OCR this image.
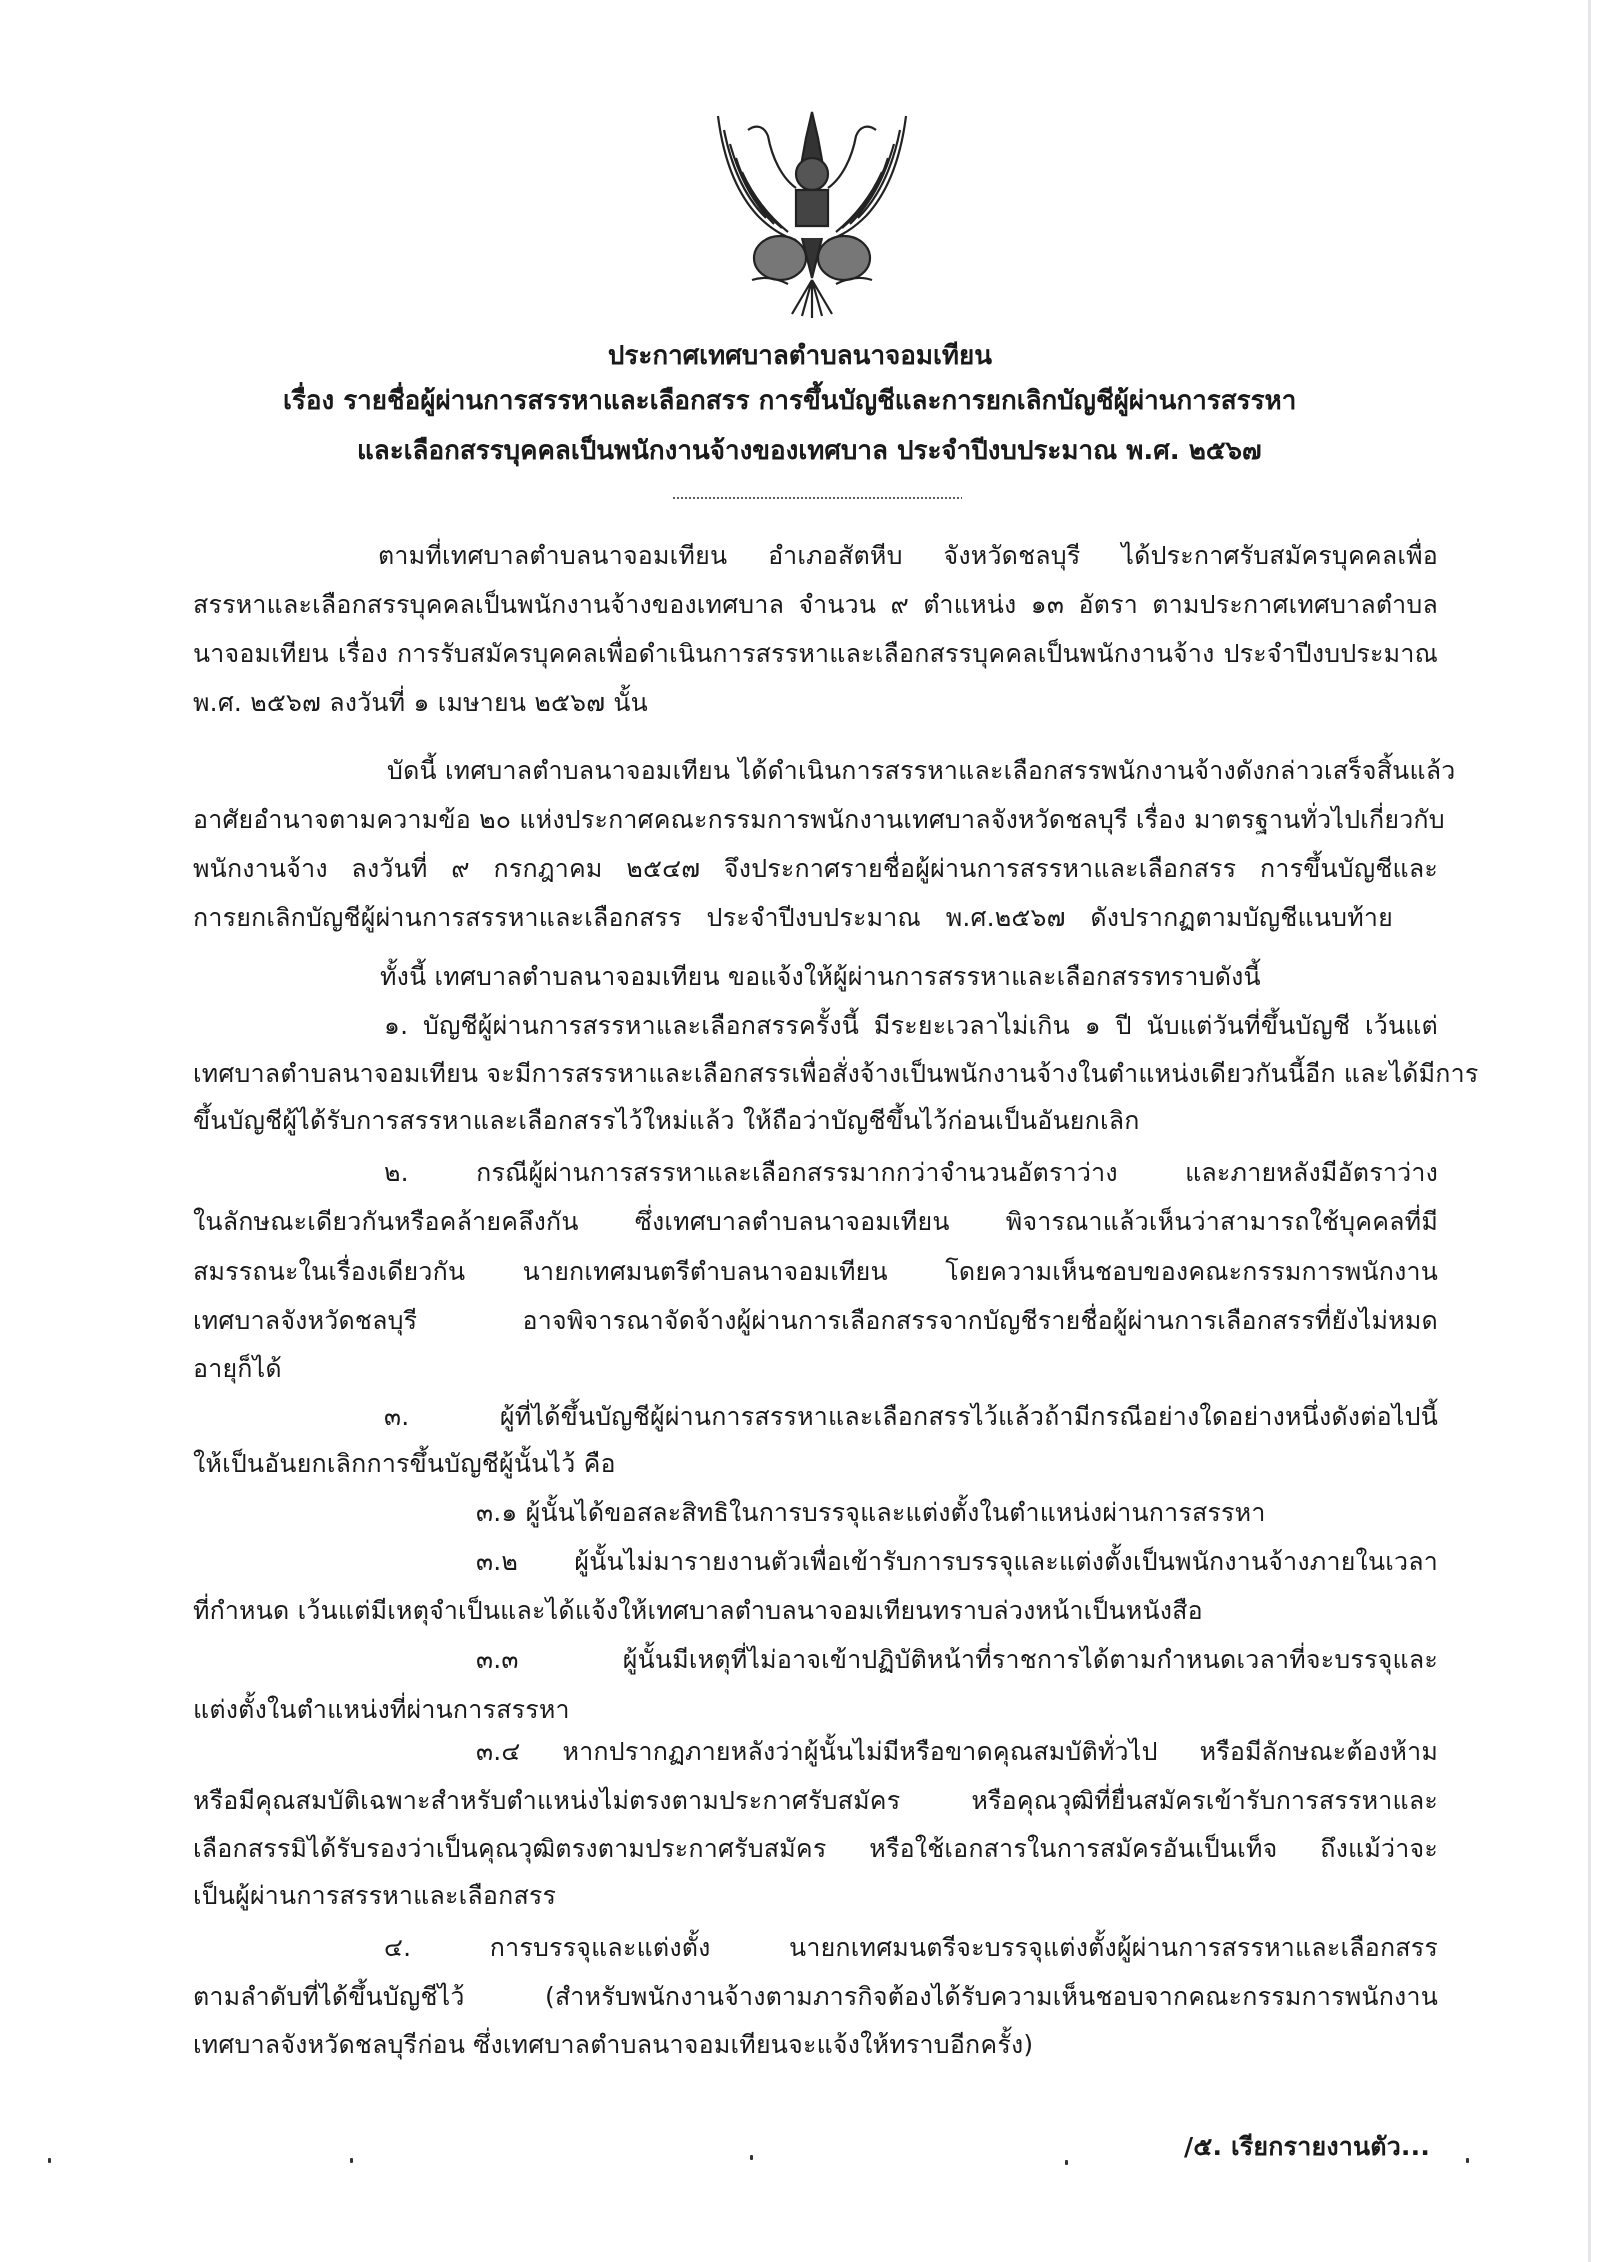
ประกาศเทศบาลตำบลนาจอมเทียน
เรื่อง รายชื่อผู้ผ่านการสรรหาและเลือกสรร การขึ้นบัญชีและการยกเลิกบัญชีผู้ผ่านการสรรหา
และเลือกสรรบุคคลเป็นพนักงานจ้างของเทศบาล ประจำปีงบประมาณ พ.ศ. ๒๕๖๗
ตามที่เทศบาลตำบลนาจอมเทียน อำเภอสัตหีบ จังหวัดชลบุรี ได้ประกาศรับสมัครบุคคลเพื่อ
สรรหาและเลือกสรรบุคคลเป็นพนักงานจ้างของเทศบาล จำนวน ๙ ตำแหน่ง ๑๓ อัตรา ตามประกาศเทศบาลตำบล
นาจอมเทียน เรื่อง การรับสมัครบุคคลเพื่อดำเนินการสรรหาและเลือกสรรบุคคลเป็นพนักงานจ้าง ประจำปีงบประมาณ
พ.ศ. ๒๕๖๗ ลงวันที่ ๑ เมษายน ๒๕๖๗ นั้น
บัดนี้ เทศบาลตำบลนาจอมเทียน ได้ดำเนินการสรรหาและเลือกสรรพนักงานจ้างดังกล่าวเสร็จสิ้นแล้ว
อาศัยอำนาจตามความข้อ ๒๐ แห่งประกาศคณะกรรมการพนักงานเทศบาลจังหวัดชลบุรี เรื่อง มาตรฐานทั่วไปเกี่ยวกับ
พนักงานจ้าง ลงวันที่ ๙ กรกฎาคม ๒๕๔๗ จึงประกาศรายชื่อผู้ผ่านการสรรหาและเลือกสรร การขึ้นบัญชีและ
การยกเลิกบัญชีผู้ผ่านการสรรหาและเลือกสรร ประจำปีงบประมาณ พ.ศ.๒๕๖๗ ดังปรากฏตามบัญชีแนบท้าย
ทั้งนี้ เทศบาลตำบลนาจอมเทียน ขอแจ้งให้ผู้ผ่านการสรรหาและเลือกสรรทราบดังนี้
๑. บัญชีผู้ผ่านการสรรหาและเลือกสรรครั้งนี้ มีระยะเวลาไม่เกิน ๑ ปี นับแต่วันที่ขึ้นบัญชี เว้นแต่
เทศบาลตำบลนาจอมเทียน จะมีการสรรหาและเลือกสรรเพื่อสั่งจ้างเป็นพนักงานจ้างในตำแหน่งเดียวกันนี้อีก และได้มีการ
ขึ้นบัญชีผู้ได้รับการสรรหาและเลือกสรรไว้ใหม่แล้ว ให้ถือว่าบัญชีขึ้นไว้ก่อนเป็นอันยกเลิก
๒. กรณีผู้ผ่านการสรรหาและเลือกสรรมากกว่าจำนวนอัตราว่าง และภายหลังมีอัตราว่าง
ในลักษณะเดียวกันหรือคล้ายคลึงกัน ซึ่งเทศบาลตำบลนาจอมเทียน พิจารณาแล้วเห็นว่าสามารถใช้บุคคลที่มี
สมรรถนะในเรื่องเดียวกัน นายกเทศมนตรีตำบลนาจอมเทียน โดยความเห็นชอบของคณะกรรมการพนักงาน
เทศบาลจังหวัดชลบุรี อาจพิจารณาจัดจ้างผู้ผ่านการเลือกสรรจากบัญชีรายชื่อผู้ผ่านการเลือกสรรที่ยังไม่หมด
อายุก็ได้
๓. ผู้ที่ได้ขึ้นบัญชีผู้ผ่านการสรรหาและเลือกสรรไว้แล้วถ้ามีกรณีอย่างใดอย่างหนึ่งดังต่อไปนี้
ให้เป็นอันยกเลิกการขึ้นบัญชีผู้นั้นไว้ คือ
๓.๑ ผู้นั้นได้ขอสละสิทธิในการบรรจุและแต่งตั้งในตำแหน่งผ่านการสรรหา
๓.๒ ผู้นั้นไม่มารายงานตัวเพื่อเข้ารับการบรรจุและแต่งตั้งเป็นพนักงานจ้างภายในเวลา
ที่กำหนด เว้นแต่มีเหตุจำเป็นและได้แจ้งให้เทศบาลตำบลนาจอมเทียนทราบล่วงหน้าเป็นหนังสือ
๓.๓ ผู้นั้นมีเหตุที่ไม่อาจเข้าปฏิบัติหน้าที่ราชการได้ตามกำหนดเวลาที่จะบรรจุและ
แต่งตั้งในตำแหน่งที่ผ่านการสรรหา
๓.๔ หากปรากฏภายหลังว่าผู้นั้นไม่มีหรือขาดคุณสมบัติทั่วไป หรือมีลักษณะต้องห้าม
หรือมีคุณสมบัติเฉพาะสำหรับตำแหน่งไม่ตรงตามประกาศรับสมัคร หรือคุณวุฒิที่ยื่นสมัครเข้ารับการสรรหาและ
เลือกสรรมิได้รับรองว่าเป็นคุณวุฒิตรงตามประกาศรับสมัคร หรือใช้เอกสารในการสมัครอันเป็นเท็จ ถึงแม้ว่าจะ
เป็นผู้ผ่านการสรรหาและเลือกสรร
๔. การบรรจุและแต่งตั้ง นายกเทศมนตรีจะบรรจุแต่งตั้งผู้ผ่านการสรรหาและเลือกสรร
ตามลำดับที่ได้ขึ้นบัญชีไว้ (สำหรับพนักงานจ้างตามภารกิจต้องได้รับความเห็นชอบจากคณะกรรมการพนักงาน
เทศบาลจังหวัดชลบุรีก่อน ซึ่งเทศบาลตำบลนาจอมเทียนจะแจ้งให้ทราบอีกครั้ง)
/๕. เรียกรายงานตัว...
